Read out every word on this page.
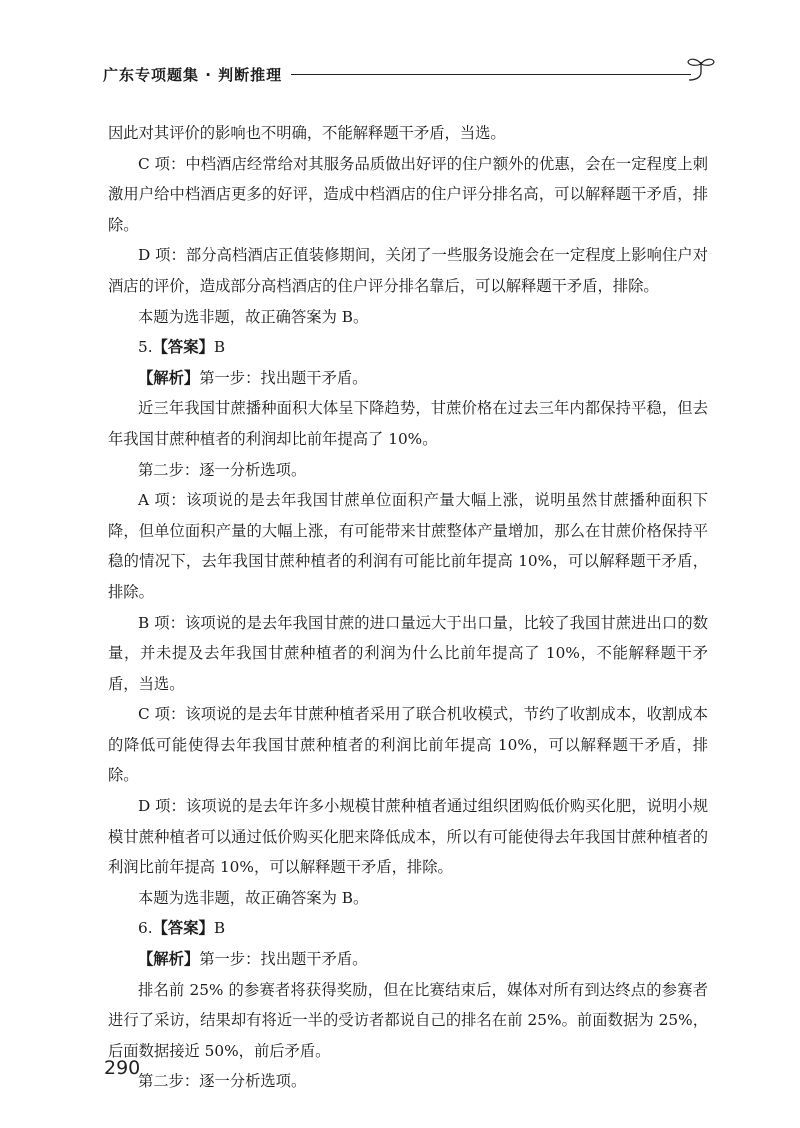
广东专项题集 · 判断推理

因此对其评价的影响也不明确，不能解释题干矛盾，当选。

C 项：中档酒店经常给对其服务品质做出好评的住户额外的优惠，会在一定程度上刺激用户给中档酒店更多的好评，造成中档酒店的住户评分排名高，可以解释题干矛盾，排除。

D 项：部分高档酒店正值装修期间，关闭了一些服务设施会在一定程度上影响住户对酒店的评价，造成部分高档酒店的住户评分排名靠后，可以解释题干矛盾，排除。

本题为选非题，故正确答案为 B。

5.【答案】B

【解析】第一步：找出题干矛盾。

近三年我国甘蔗播种面积大体呈下降趋势，甘蔗价格在过去三年内都保持平稳，但去年我国甘蔗种植者的利润却比前年提高了 10%。

第二步：逐一分析选项。

A 项：该项说的是去年我国甘蔗单位面积产量大幅上涨，说明虽然甘蔗播种面积下降，但单位面积产量的大幅上涨，有可能带来甘蔗整体产量增加，那么在甘蔗价格保持平稳的情况下，去年我国甘蔗种植者的利润有可能比前年提高 10%，可以解释题干矛盾，排除。

B 项：该项说的是去年我国甘蔗的进口量远大于出口量，比较了我国甘蔗进出口的数量，并未提及去年我国甘蔗种植者的利润为什么比前年提高了 10%，不能解释题干矛盾，当选。

C 项：该项说的是去年甘蔗种植者采用了联合机收模式，节约了收割成本，收割成本的降低可能使得去年我国甘蔗种植者的利润比前年提高 10%，可以解释题干矛盾，排除。

D 项：该项说的是去年许多小规模甘蔗种植者通过组织团购低价购买化肥，说明小规模甘蔗种植者可以通过低价购买化肥来降低成本，所以有可能使得去年我国甘蔗种植者的利润比前年提高 10%，可以解释题干矛盾，排除。

本题为选非题，故正确答案为 B。

6.【答案】B

【解析】第一步：找出题干矛盾。

排名前 25% 的参赛者将获得奖励，但在比赛结束后，媒体对所有到达终点的参赛者进行了采访，结果却有将近一半的受访者都说自己的排名在前 25%。前面数据为 25%，后面数据接近 50%，前后矛盾。

第二步：逐一分析选项。

290
